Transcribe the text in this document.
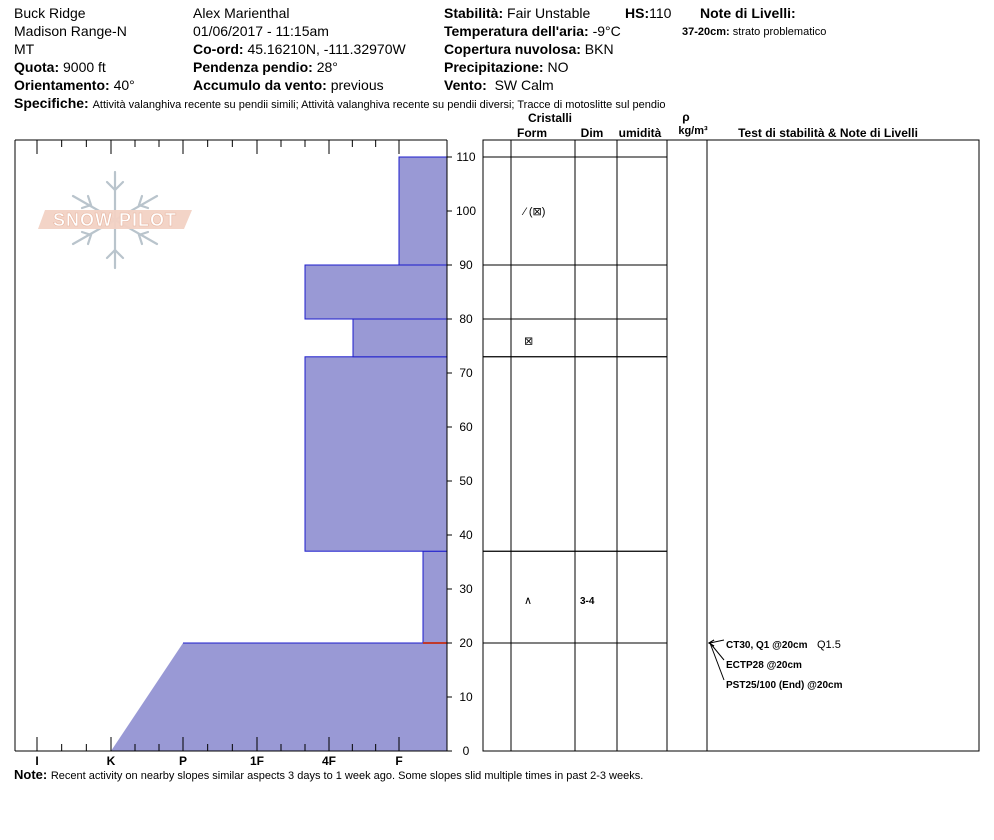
Buck Ridge
Madison Range-N
MT
Quota: 9000 ft
Orientamento: 40°
Alex Marienthal
01/06/2017 - 11:15am
Co-ord: 45.16210N, -111.32970W
Pendenza pendio: 28°
Accumulo da vento: previous
Stabilità: Fair Unstable HS:110
Temperatura dell'aria: -9°C
Copertura nuvolosa: BKN
Precipitazione: NO
Vento: SW Calm
Note di Livelli:
37-20cm: strato problematico
Specifiche: Attività valanghiva recente su pendii simili; Attività valanghiva recente su pendii diversi; Tracce di motoslitte sul pendio
Note: Recent activity on nearby slopes similar aspects 3 days to 1 week ago. Some slopes slid multiple times in past 2-3 weeks.
SNOW PILOT
I	K	P	1F	4F	F
0
10
20
30
40
50
60
70
80
90
100
110
⁄ (⊠)
⊠
∧	3-4
CT30, Q1 @20cm Q1.5
ECTP28 @20cm
PST25/100 (End) @20cm
Cristalli
Form	Dim umidità
ρ
kg/m³	Test di stabilità & Note di Livelli
